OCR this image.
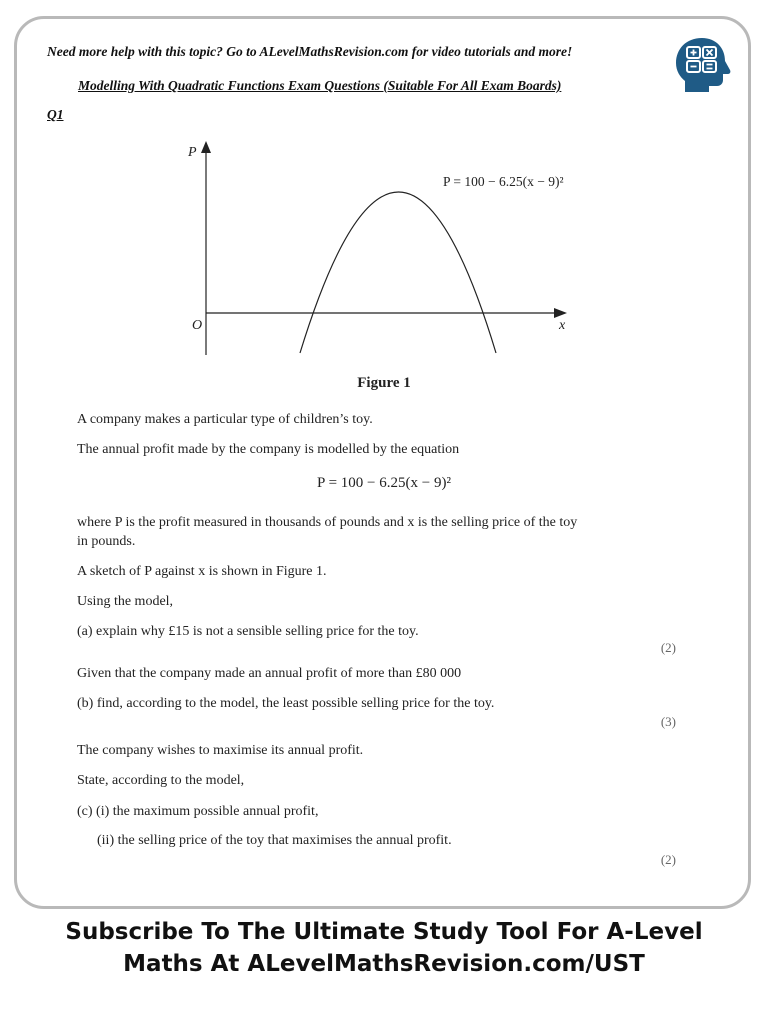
Need more help with this topic? Go to ALevelMathsRevision.com for video tutorials and more!
Modelling With Quadratic Functions Exam Questions (Suitable For All Exam Boards)
Q1
P
O	x
P = 100 − 6.25(x − 9)²
Figure 1
A company makes a particular type of children’s toy.
The annual profit made by the company is modelled by the equation
P = 100 − 6.25(x − 9)²
where P is the profit measured in thousands of pounds and x is the selling price of the toy
in pounds.
A sketch of P against x is shown in Figure 1.
Using the model,
(a) explain why £15 is not a sensible selling price for the toy.
(2)
Given that the company made an annual profit of more than £80 000
(b) find, according to the model, the least possible selling price for the toy.
(3)
The company wishes to maximise its annual profit.
State, according to the model,
(c) (i) the maximum possible annual profit,
(ii) the selling price of the toy that maximises the annual profit.
(2)
Subscribe To The Ultimate Study Tool For A-Level
Maths At ALevelMathsRevision.com/UST
